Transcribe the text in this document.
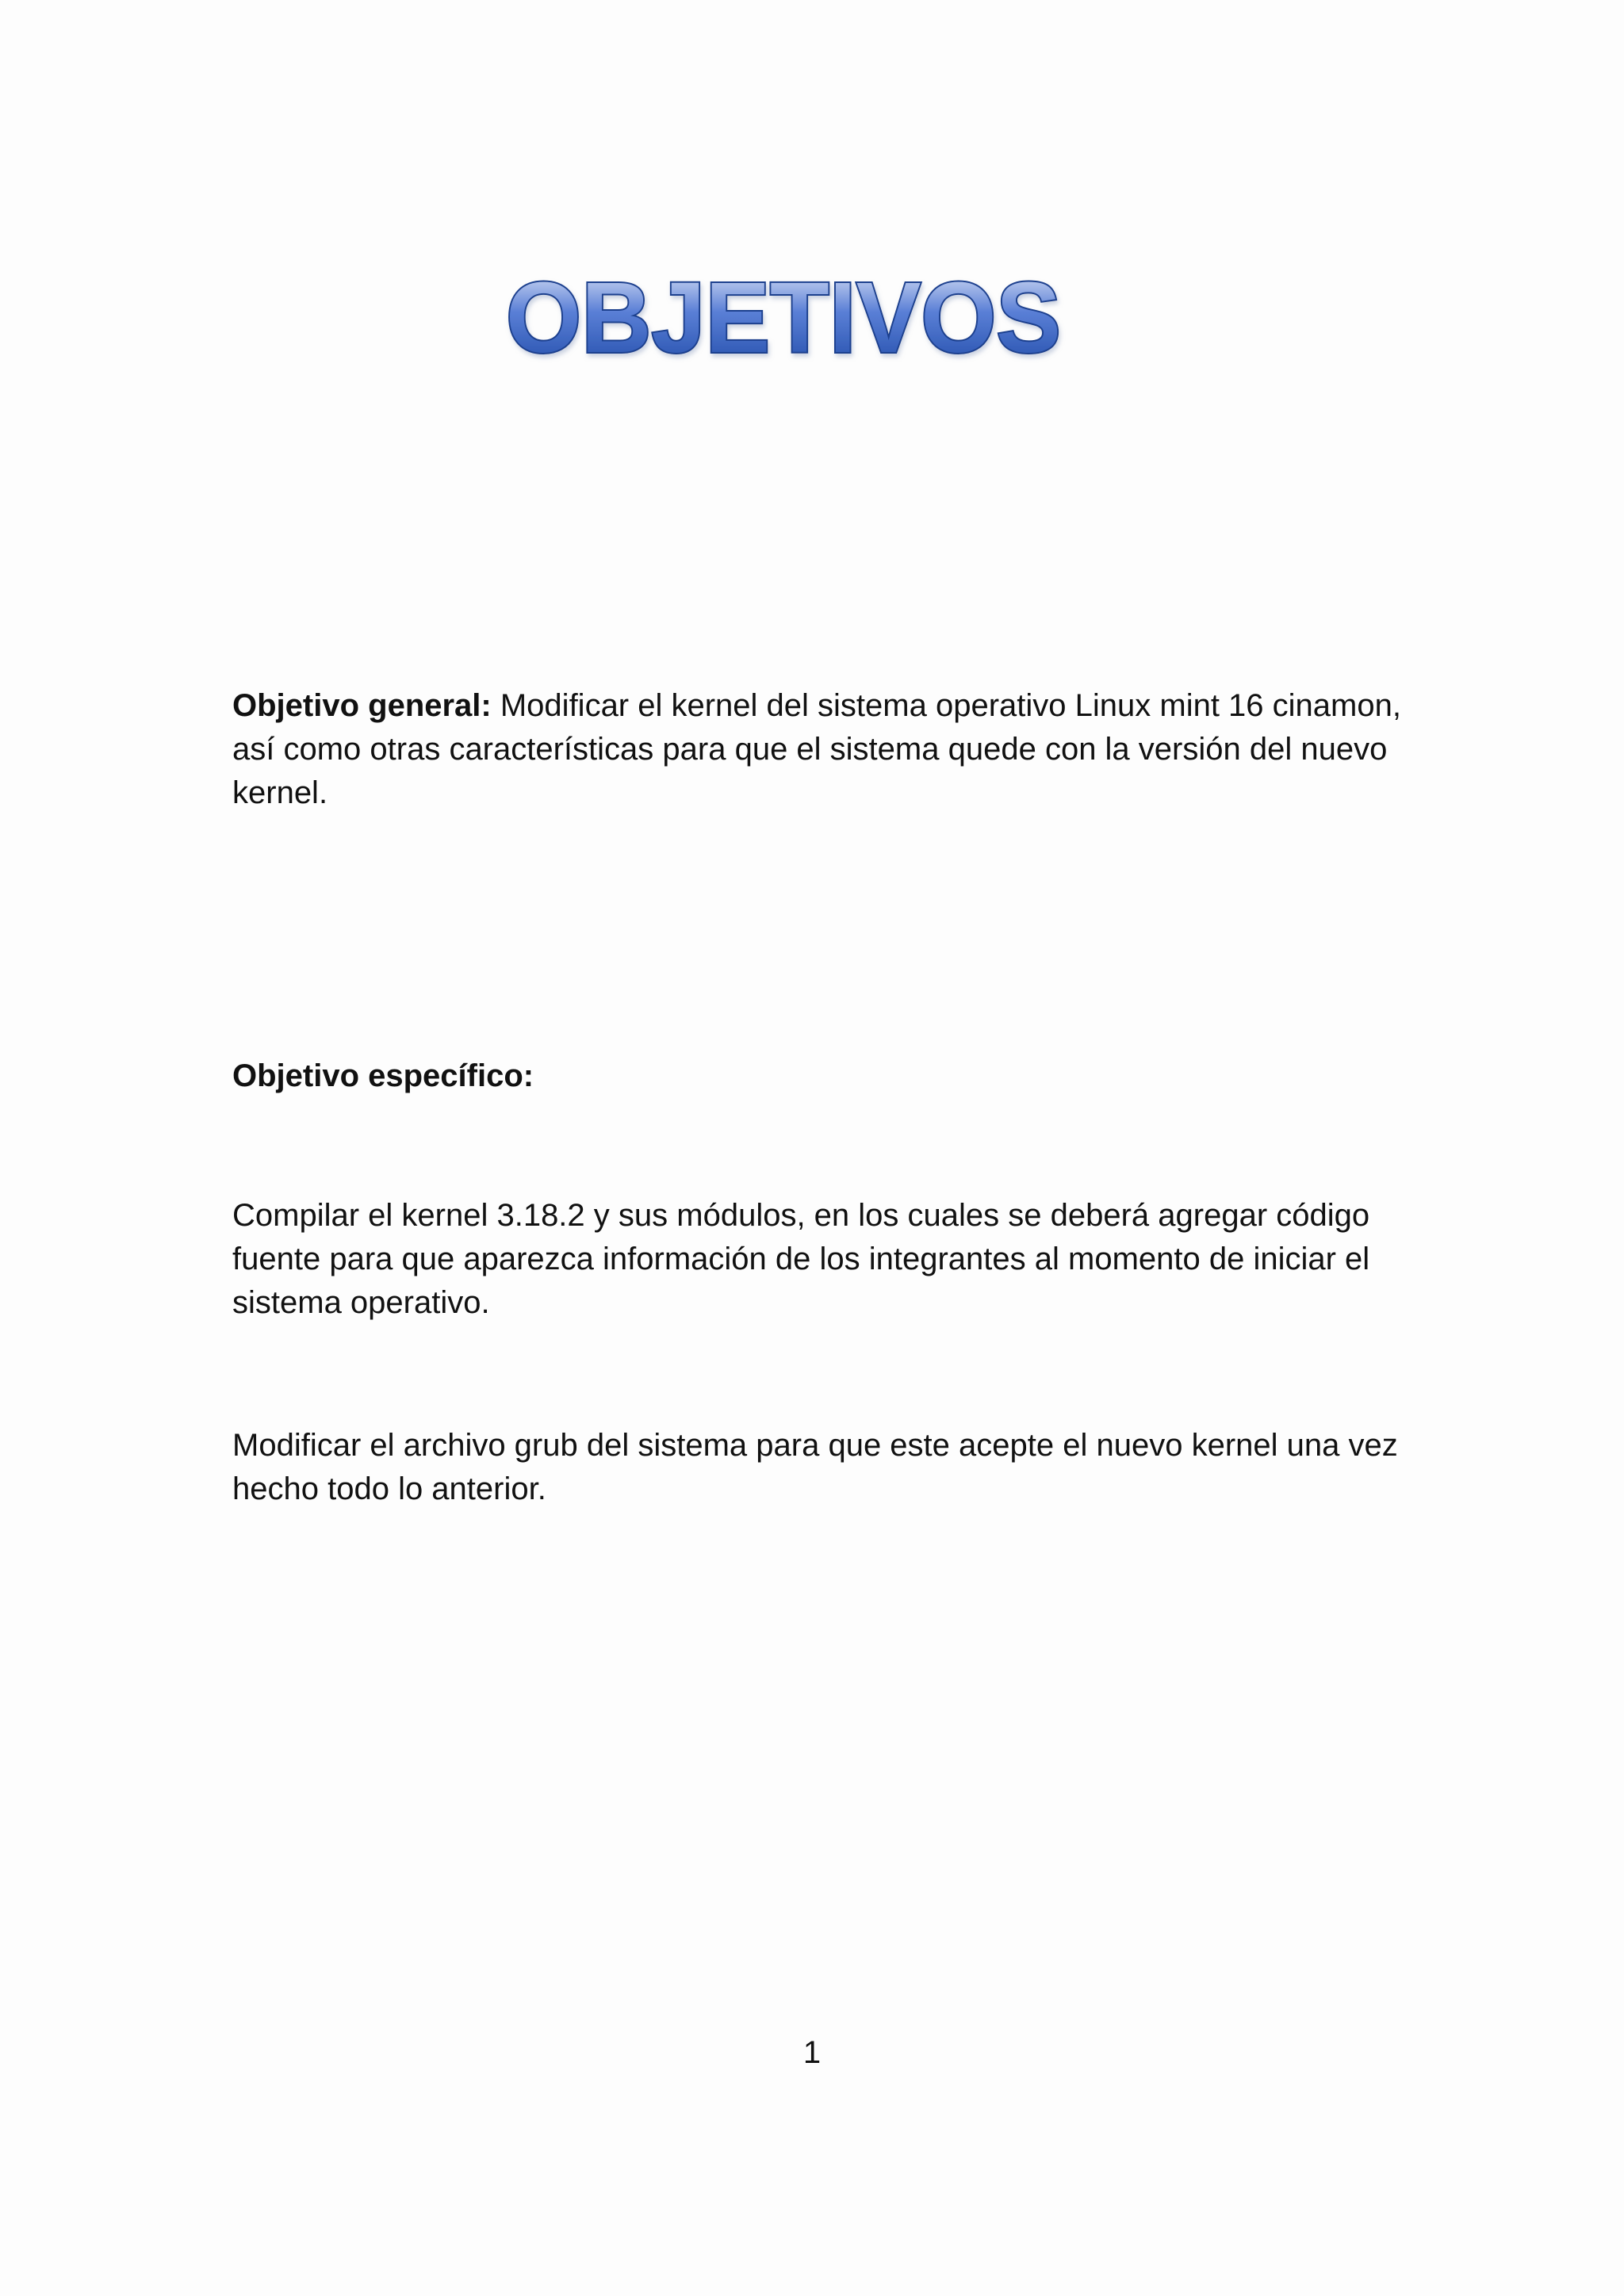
OBJETIVOS

Objetivo general: Modificar el kernel del sistema operativo Linux mint 16 cinamon, así como otras características para que el sistema quede con la versión del nuevo kernel.

Objetivo específico:

Compilar el kernel 3.18.2 y sus módulos, en los cuales se deberá agregar código fuente para que aparezca información de los integrantes al momento de iniciar el sistema operativo.

Modificar el archivo grub del sistema para que este acepte el nuevo kernel una vez hecho todo lo anterior.

1
